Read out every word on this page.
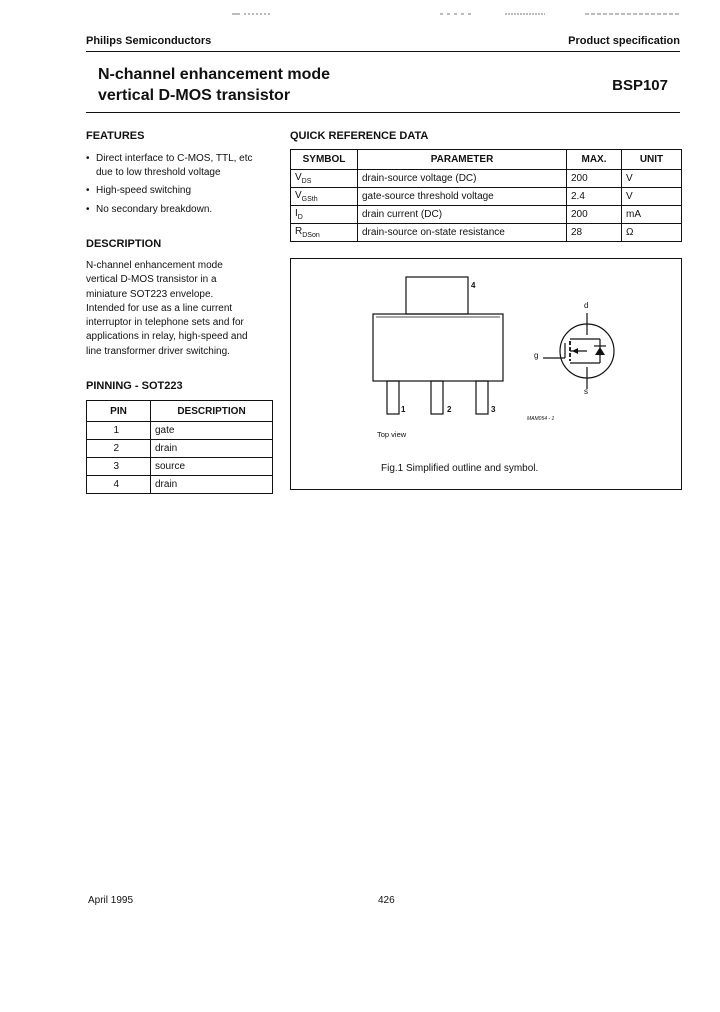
Philips Semiconductors	Product specification
N-channel enhancement mode
vertical D-MOS transistor
BSP107
FEATURES
• Direct interface to C-MOS, TTL, etc
due to low threshold voltage
• High-speed switching
• No secondary breakdown.
DESCRIPTION
N-channel enhancement mode
vertical D-MOS transistor in a
miniature SOT223 envelope.
Intended for use as a line current
interruptor in telephone sets and for
applications in relay, high-speed and
line transformer driver switching.
PINNING - SOT223
PIN	DESCRIPTION
1	gate
2	drain
3	source
4	drain
QUICK REFERENCE DATA
SYMBOL	PARAMETER	MAX.	UNIT
$V_{DS}$	drain-source voltage (DC)	200	V
$V_{GSth}$	gate-source threshold voltage	2.4	V
$I_D$	drain current (DC)	200	mA
$R_{DSon}$	drain-source on-state resistance	28	Ω
4
1	2	3
Top view
MAM054 - 1
d
g
s
Fig.1 Simplified outline and symbol.
April 1995	426
